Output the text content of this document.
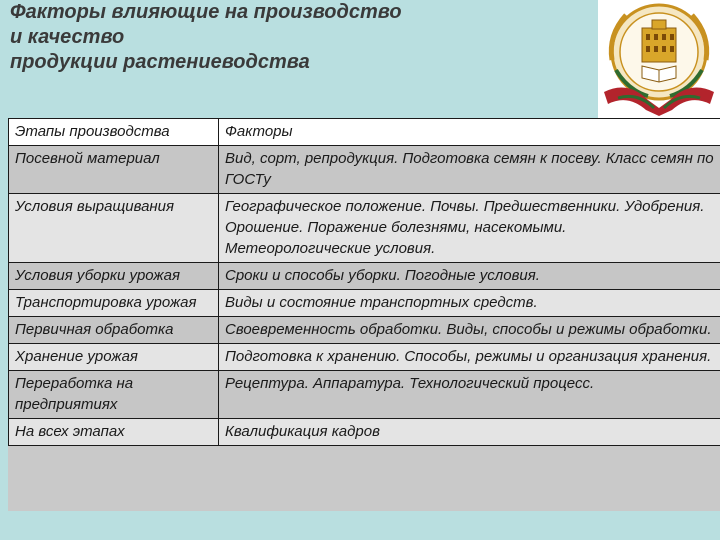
Факторы влияющие на производство
и качество
продукции растениеводства
Этапы производства	Факторы
Посевной материал	Вид, сорт, репродукция. Подготовка семян к посеву. Класс семян по ГОСТу
Условия выращивания	Географическое положение. Почвы. Предшественники. Удобрения. Орошение. Поражение болезнями, насекомыми. Метеорологические условия.
Условия уборки урожая	Сроки и способы уборки. Погодные условия.
Транспортировка урожая	Виды и состояние транспортных средств.
Первичная обработка	Своевременность обработки. Виды, способы и режимы обработки.
Хранение урожая	Подготовка к хранению. Способы, режимы и организация хранения.
Переработка на предприятиях	Рецептура. Аппаратура. Технологический процесс.
На всех этапах	Квалификация кадров
